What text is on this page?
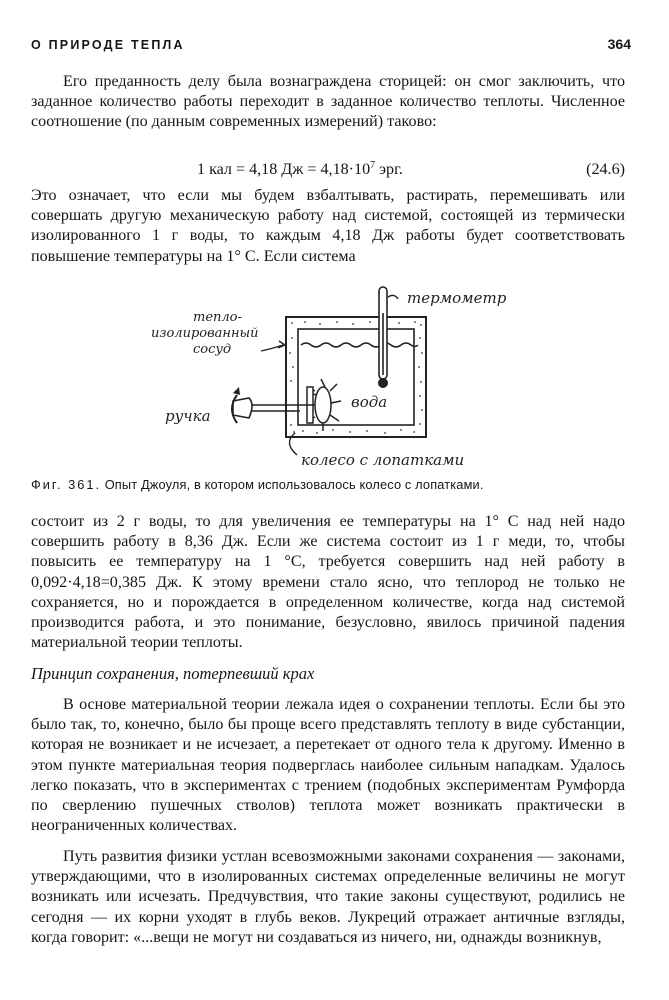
О ПРИРОДЕ ТЕПЛА	364
Его преданность делу была вознаграждена сторицей: он смог заключить, что заданное количество работы переходит в заданное количество теплоты. Численное соотношение (по данным современных измерений) таково:
1 кал = 4,18 Дж = $4,18\cdot 10^7$ эрг.	(24.6)
Это означает, что если мы будем взбалтывать, растирать, перемешивать или совершать другую механическую работу над системой, состоящей из термически изолированного 1 г воды, то каждым 4,18 Дж работы будет соответствовать повышение температуры на 1° С. Если система
термометр
тепло-
изолированный
сосуд
вода
ручка
колесо с лопатками
Фиг. 361. Опыт Джоуля, в котором использовалось колесо с лопатками.
состоит из 2 г воды, то для увеличения ее температуры на 1° С над ней надо совершить работу в 8,36 Дж. Если же система состоит из 1 г меди, то, чтобы повысить ее температуру на 1 °С, требуется совершить над ней работу в 0,092·4,18=0,385 Дж. К этому времени стало ясно, что теплород не только не сохраняется, но и порождается в определенном количестве, когда над системой производится работа, и это понимание, безусловно, явилось причиной падения материальной теории теплоты.
Принцип сохранения, потерпевший крах
В основе материальной теории лежала идея о сохранении теплоты. Если бы это было так, то, конечно, было бы проще всего представлять теплоту в виде субстанции, которая не возникает и не исчезает, а перетекает от одного тела к другому. Именно в этом пункте материальная теория подверглась наиболее сильным нападкам. Удалось легко показать, что в экспериментах с трением (подобных экспериментам Румфорда по сверлению пушечных стволов) теплота может возникать практически в неограниченных количествах.
Путь развития физики устлан всевозможными законами сохранения — законами, утверждающими, что в изолированных системах определенные величины не могут возникать или исчезать. Предчувствия, что такие законы существуют, родились не сегодня — их корни уходят в глубь веков. Лукреций отражает античные взгляды, когда говорит: «...вещи не могут ни создаваться из ничего, ни, однажды возникнув,
